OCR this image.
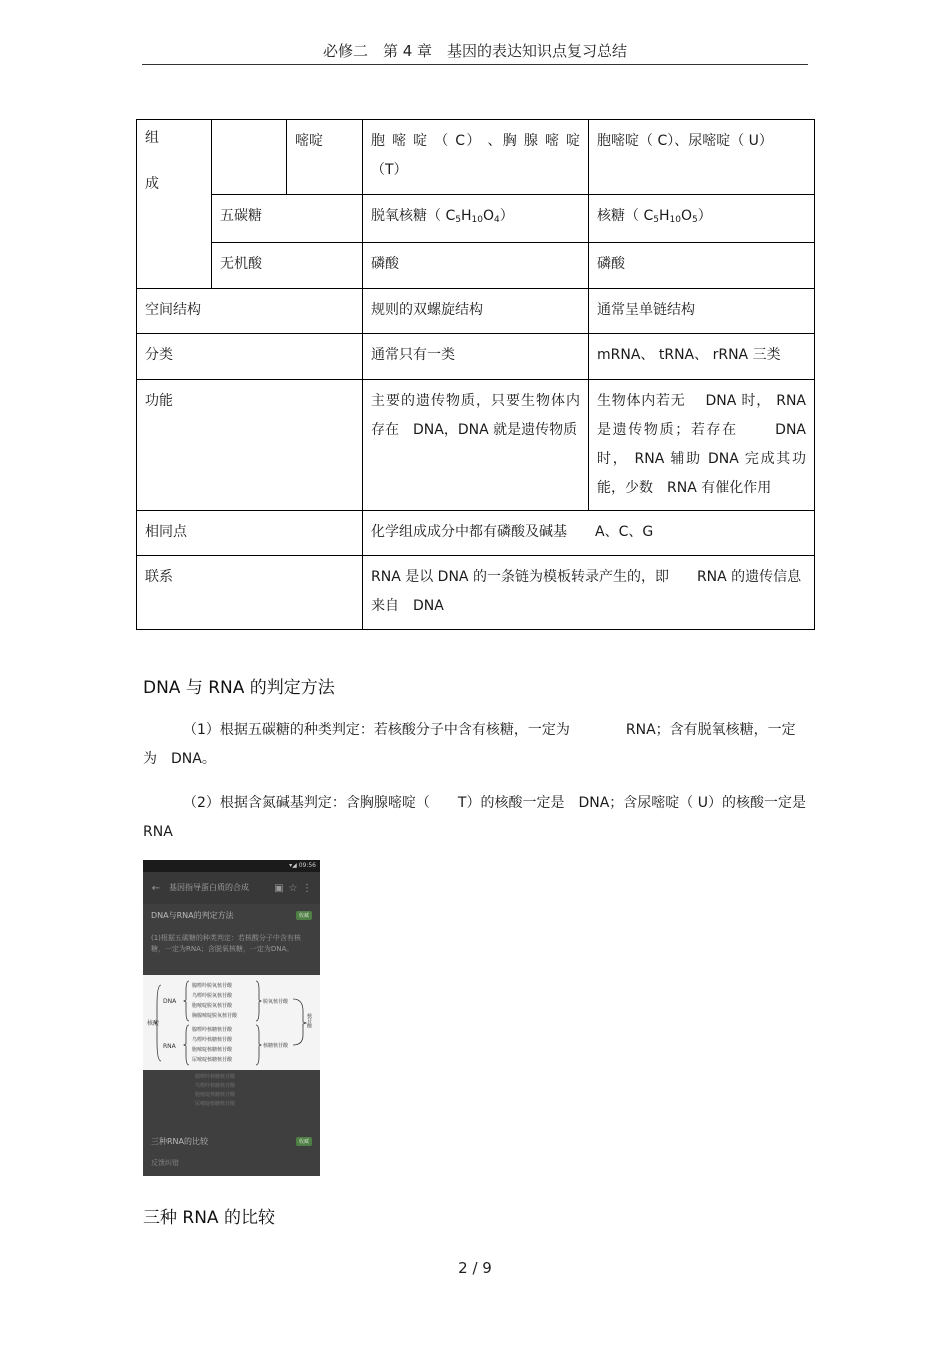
必修二　第 4 章　基因的表达知识点复习总结
组

成		嘧啶	胞 嘧 啶 （ C） 、胸 腺 嘧 啶 （T）	胞嘧啶（ C）、尿嘧啶（ U）
	五碳糖		脱氧核糖（ $C_5H_{10}O_4$）	核糖（ $C_5H_{10}O_5$）
	无机酸		磷酸	磷酸
空间结构			规则的双螺旋结构	通常呈单链结构
分类			通常只有一类	mRNA、 tRNA、 rRNA 三类
功能			主要的遗传物质，只要生物体内存在　DNA，DNA 就是遗传物质	生物体内若无　 DNA 时， RNA 是遗传物质；若存在　　 DNA 时， RNA 辅助 DNA 完成其功能，少数　RNA 有催化作用
相同点			化学组成成分中都有磷酸及碱基　　A、C、G	
联系			RNA 是以 DNA 的一条链为模板转录产生的，即　　RNA 的遗传信息来自　DNA	
DNA 与 RNA 的判定方法
（1）根据五碳糖的种类判定：若核酸分子中含有核糖，一定为　　　　RNA；含有脱氧核糖，一定为　DNA。
（2）根据含氮碱基判定：含胸腺嘧啶（　　T）的核酸一定是　DNA；含尿嘧啶（ U）的核酸一定是　RNA
▾◢ 09:56
←	基因指导蛋白质的合成	▣ ☆ ⋮
DNA与RNA的判定方法	收藏
(1)根据五碳糖的种类判定：若核酸分子中含有核糖，一定为RNA；含脱氧核糖，一定为DNA。
核酸
DNA
RNA
腺嘌呤脱氧核苷酸
鸟嘌呤脱氧核苷酸
胞嘧啶脱氧核苷酸
胸腺嘧啶脱氧核苷酸
腺嘌呤核糖核苷酸
鸟嘌呤核糖核苷酸
胞嘧啶核糖核苷酸
尿嘧啶核糖核苷酸
脱氧核苷酸
核糖核苷酸
核苷酸
腺嘌呤核糖核苷酸
鸟嘌呤核糖核苷酸
胞嘧啶核糖核苷酸
尿嘧啶核糖核苷酸
三种RNA的比较	收藏
反馈纠错
三种 RNA 的比较
2 / 9
